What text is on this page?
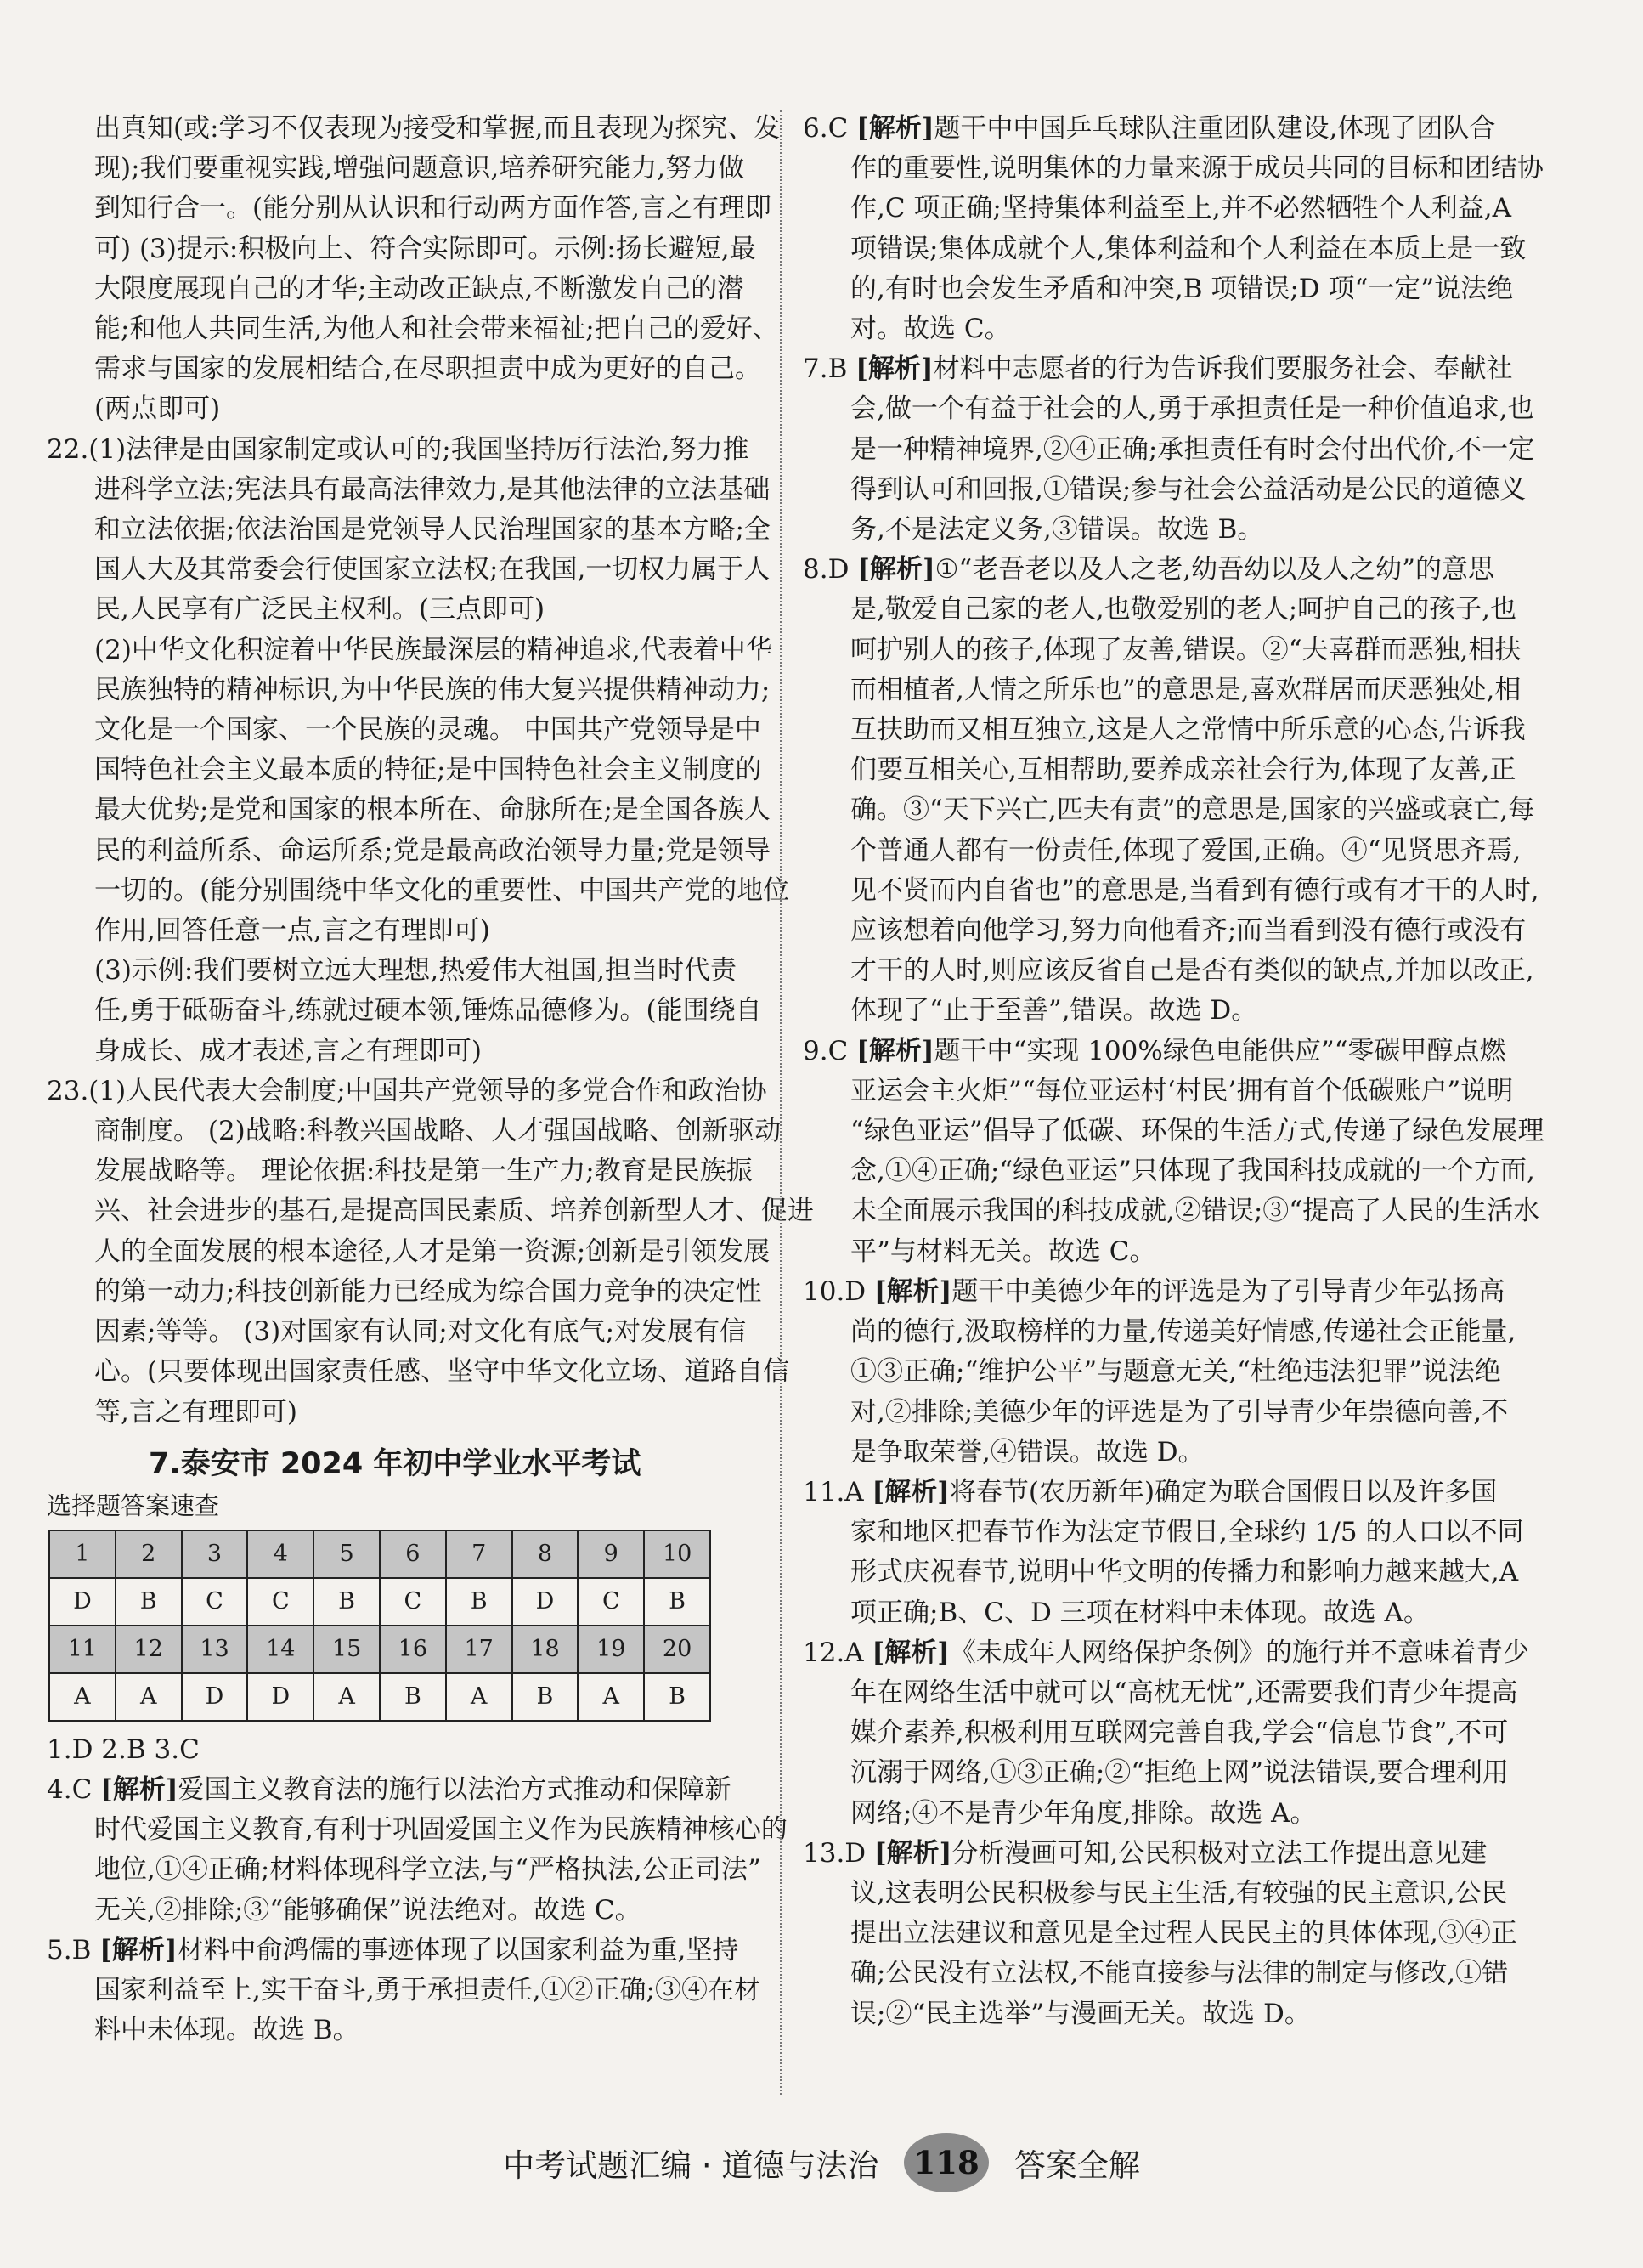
出真知(或:学习不仅表现为接受和掌握,而且表现为探究、发

现);我们要重视实践,增强问题意识,培养研究能力,努力做

到知行合一。(能分别从认识和行动两方面作答,言之有理即

可) (3)提示:积极向上、符合实际即可。示例:扬长避短,最

大限度展现自己的才华;主动改正缺点,不断激发自己的潜

能;和他人共同生活,为他人和社会带来福祉;把自己的爱好、

需求与国家的发展相结合,在尽职担责中成为更好的自己。

(两点即可)

22.(1)法律是由国家制定或认可的;我国坚持厉行法治,努力推

进科学立法;宪法具有最高法律效力,是其他法律的立法基础

和立法依据;依法治国是党领导人民治理国家的基本方略;全

国人大及其常委会行使国家立法权;在我国,一切权力属于人

民,人民享有广泛民主权利。(三点即可)

(2)中华文化积淀着中华民族最深层的精神追求,代表着中华

民族独特的精神标识,为中华民族的伟大复兴提供精神动力;

文化是一个国家、一个民族的灵魂。 中国共产党领导是中

国特色社会主义最本质的特征;是中国特色社会主义制度的

最大优势;是党和国家的根本所在、命脉所在;是全国各族人

民的利益所系、命运所系;党是最高政治领导力量;党是领导

一切的。(能分别围绕中华文化的重要性、中国共产党的地位

作用,回答任意一点,言之有理即可)

(3)示例:我们要树立远大理想,热爱伟大祖国,担当时代责

任,勇于砥砺奋斗,练就过硬本领,锤炼品德修为。(能围绕自

身成长、成才表述,言之有理即可)

23.(1)人民代表大会制度;中国共产党领导的多党合作和政治协

商制度。 (2)战略:科教兴国战略、人才强国战略、创新驱动

发展战略等。 理论依据:科技是第一生产力;教育是民族振

兴、社会进步的基石,是提高国民素质、培养创新型人才、促进

人的全面发展的根本途径,人才是第一资源;创新是引领发展

的第一动力;科技创新能力已经成为综合国力竞争的决定性

因素;等等。 (3)对国家有认同;对文化有底气;对发展有信

心。(只要体现出国家责任感、坚守中华文化立场、道路自信

等,言之有理即可)

7.泰安市 2024 年初中学业水平考试
选择题答案速查
1	2	3	4	5	6	7	8	9	10
D	B	C	C	B	C	B	D	C	B
11	12	13	14	15	16	17	18	19	20
A	A	D	D	A	B	A	B	A	B

1.D 2.B 3.C

4.C [解析]爱国主义教育法的施行以法治方式推动和保障新

时代爱国主义教育,有利于巩固爱国主义作为民族精神核心的

地位,①④正确;材料体现科学立法,与“严格执法,公正司法”

无关,②排除;③“能够确保”说法绝对。故选 C。

5.B [解析]材料中俞鸿儒的事迹体现了以国家利益为重,坚持

国家利益至上,实干奋斗,勇于承担责任,①②正确;③④在材

料中未体现。故选 B。

6.C [解析]题干中中国乒乓球队注重团队建设,体现了团队合

作的重要性,说明集体的力量来源于成员共同的目标和团结协

作,C 项正确;坚持集体利益至上,并不必然牺牲个人利益,A

项错误;集体成就个人,集体利益和个人利益在本质上是一致

的,有时也会发生矛盾和冲突,B 项错误;D 项“一定”说法绝

对。故选 C。

7.B [解析]材料中志愿者的行为告诉我们要服务社会、奉献社

会,做一个有益于社会的人,勇于承担责任是一种价值追求,也

是一种精神境界,②④正确;承担责任有时会付出代价,不一定

得到认可和回报,①错误;参与社会公益活动是公民的道德义

务,不是法定义务,③错误。故选 B。

8.D [解析]①“老吾老以及人之老,幼吾幼以及人之幼”的意思

是,敬爱自己家的老人,也敬爱别的老人;呵护自己的孩子,也

呵护别人的孩子,体现了友善,错误。②“夫喜群而恶独,相扶

而相植者,人情之所乐也”的意思是,喜欢群居而厌恶独处,相

互扶助而又相互独立,这是人之常情中所乐意的心态,告诉我

们要互相关心,互相帮助,要养成亲社会行为,体现了友善,正

确。③“天下兴亡,匹夫有责”的意思是,国家的兴盛或衰亡,每

个普通人都有一份责任,体现了爱国,正确。④“见贤思齐焉,

见不贤而内自省也”的意思是,当看到有德行或有才干的人时,

应该想着向他学习,努力向他看齐;而当看到没有德行或没有

才干的人时,则应该反省自己是否有类似的缺点,并加以改正,

体现了“止于至善”,错误。故选 D。

9.C [解析]题干中“实现 100%绿色电能供应”“零碳甲醇点燃

亚运会主火炬”“每位亚运村‘村民’拥有首个低碳账户”说明

“绿色亚运”倡导了低碳、环保的生活方式,传递了绿色发展理

念,①④正确;“绿色亚运”只体现了我国科技成就的一个方面,

未全面展示我国的科技成就,②错误;③“提高了人民的生活水

平”与材料无关。故选 C。

10.D [解析]题干中美德少年的评选是为了引导青少年弘扬高

尚的德行,汲取榜样的力量,传递美好情感,传递社会正能量,

①③正确;“维护公平”与题意无关,“杜绝违法犯罪”说法绝

对,②排除;美德少年的评选是为了引导青少年崇德向善,不

是争取荣誉,④错误。故选 D。

11.A [解析]将春节(农历新年)确定为联合国假日以及许多国

家和地区把春节作为法定节假日,全球约 1/5 的人口以不同

形式庆祝春节,说明中华文明的传播力和影响力越来越大,A

项正确;B、C、D 三项在材料中未体现。故选 A。

12.A [解析]《未成年人网络保护条例》的施行并不意味着青少

年在网络生活中就可以“高枕无忧”,还需要我们青少年提高

媒介素养,积极利用互联网完善自我,学会“信息节食”,不可

沉溺于网络,①③正确;②“拒绝上网”说法错误,要合理利用

网络;④不是青少年角度,排除。故选 A。

13.D [解析]分析漫画可知,公民积极对立法工作提出意见建

议,这表明公民积极参与民主生活,有较强的民主意识,公民

提出立法建议和意见是全过程人民民主的具体体现,③④正

确;公民没有立法权,不能直接参与法律的制定与修改,①错

误;②“民主选举”与漫画无关。故选 D。

中考试题汇编 · 道德与法治 118 答案全解
